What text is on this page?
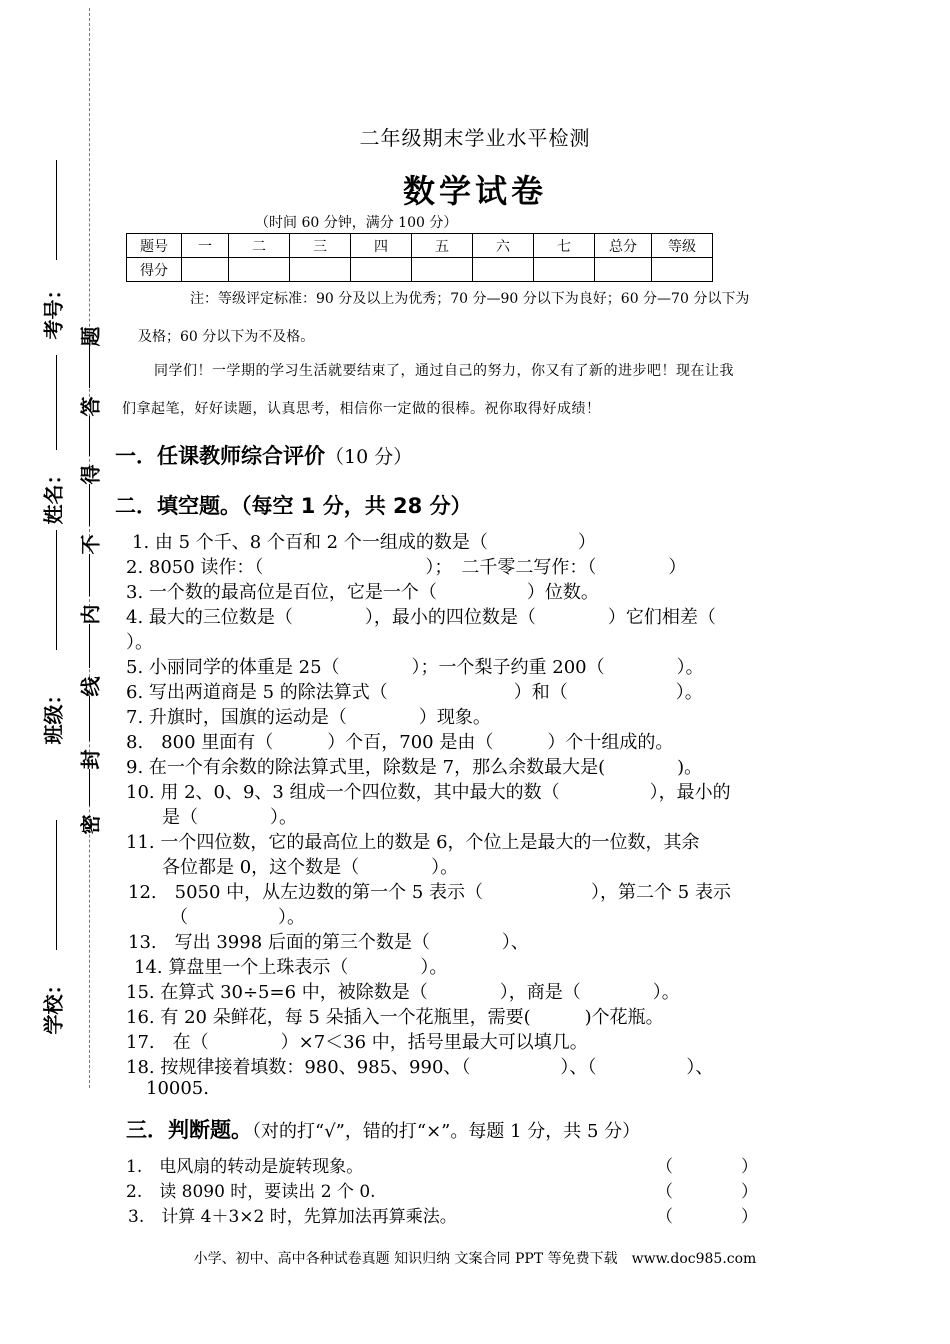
考号：
姓名：
班级：
学校：
题
答
得
不
内
线
封
密
二年级期末学业水平检测
数学试卷
（时间 60 分钟，满分 100 分）
题号	一	二	三	四	五	六	七	总分	等级
得分									
注：等级评定标准：90 分及以上为优秀；70 分—90 分以下为良好；60 分—70 分以下为
及格；60 分以下为不及格。
同学们！一学期的学习生活就要结束了，通过自己的努力，你又有了新的进步吧！现在让我
们拿起笔，好好读题，认真思考，相信你一定做的很棒。祝你取得好成绩！
一．任课教师综合评价（10 分）
二．填空题。（每空 1 分，共 28 分）
1. 由 5 个千、8 个百和 2 个一组成的数是（　　　　　）
2. 8050 读作：（　　　　　　　　　）；　二千零二写作：（　　　　）
3. 一个数的最高位是百位，它是一个（　　　　　）位数。
4. 最大的三位数是（　　　　），最小的四位数是（　　　　）它们相差（
）。
5. 小丽同学的体重是 25（　　　　）；一个梨子约重 200（　　　　）。
6. 写出两道商是 5 的除法算式（　　　　　　　）和（　　　　　　）。
7. 升旗时，国旗的运动是（　　　　）现象。
8.　800 里面有（　　　）个百，700 是由（　　　）个十组成的。
9. 在一个有余数的除法算式里，除数是 7，那么余数最大是(　　　　)。
10. 用 2、0、9、3 组成一个四位数，其中最大的数（　　　　　），最小的
是（　　　　）。
11. 一个四位数，它的最高位上的数是 6，个位上是最大的一位数，其余
各位都是 0，这个数是（　　　　）。
12.　5050 中，从左边数的第一个 5 表示（　　　　　　），第二个 5 表示
（　　　　　）。
13.　写出 3998 后面的第三个数是（　　　　）、
14. 算盘里一个上珠表示（　　　　）。
15. 在算式 30÷5=6 中，被除数是（　　　　），商是（　　　　）。
16. 有 20 朵鲜花，每 5 朵插入一个花瓶里，需要(　　　)个花瓶。
17.　在（　　　　）×7＜36 中，括号里最大可以填几。
18. 按规律接着填数：980、985、990、（　　　　　）、（　　　　　）、
10005.
三．判断题。（对的打“√”，错的打“×”。每题 1 分，共 5 分）
1.　电风扇的转动是旋转现象。	（　　　　）
2.　读 8090 时，要读出 2 个 0.	（　　　　）
3.　计算 4＋3×2 时，先算加法再算乘法。	（　　　　）
小学、初中、高中各种试卷真题 知识归纳 文案合同 PPT 等免费下载　www.doc985.com
